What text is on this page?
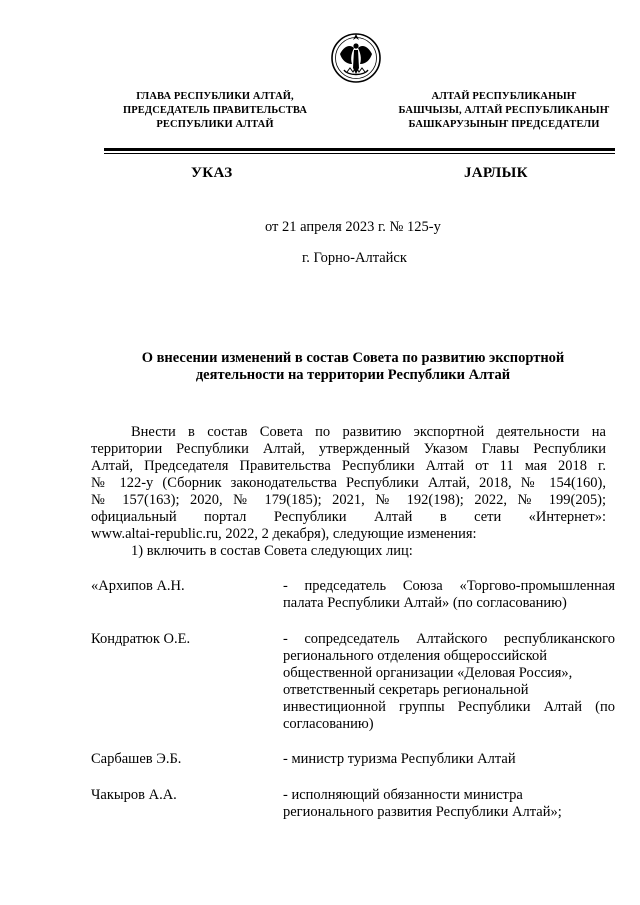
ГЛАВА РЕСПУБЛИКИ АЛТАЙ,
ПРЕДСЕДАТЕЛЬ ПРАВИТЕЛЬСТВА
РЕСПУБЛИКИ АЛТАЙ
АЛТАЙ РЕСПУБЛИКАНЫҤ
БАШЧЫЗЫ, АЛТАЙ РЕСПУБЛИКАНЫҤ
БАШКАРУЗЫНЫҤ ПРЕДСЕДАТЕЛИ
УКАЗ	JАРЛЫК
от 21 апреля 2023 г. № 125-у
г. Горно-Алтайск
О внесении изменений в состав Совета по развитию экспортной
деятельности на территории Республики Алтай
Внести в состав Совета по развитию экспортной деятельности на
территории Республики Алтай, утвержденный Указом Главы Республики
Алтай, Председателя Правительства Республики Алтай от 11 мая 2018 г.
№ 122-у (Сборник законодательства Республики Алтай, 2018, № 154(160),
№ 157(163); 2020, № 179(185); 2021, № 192(198); 2022, № 199(205);
официальный портал Республики Алтай в сети «Интернет»:
www.altai-republic.ru, 2022, 2 декабря), следующие изменения:
1) включить в состав Совета следующих лиц:
«Архипов А.Н.	- председатель Союза «Торгово-промышленная
палата Республики Алтай» (по согласованию)
Кондратюк О.Е.	- сопредседатель Алтайского республиканского
регионального отделения общероссийской
общественной организации «Деловая Россия»,
ответственный секретарь региональной
инвестиционной группы Республики Алтай (по
согласованию)
Сарбашев Э.Б.	- министр туризма Республики Алтай
Чакыров А.А.	- исполняющий обязанности министра
регионального развития Республики Алтай»;
